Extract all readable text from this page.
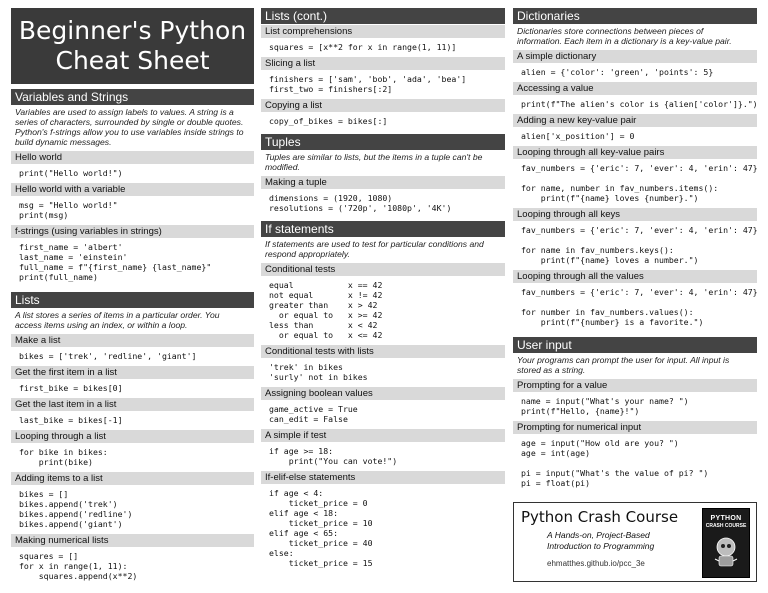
Beginner's Python
Cheat Sheet
Variables and Strings
Variables are used to assign labels to values. A string is a
series of characters, surrounded by single or double quotes.
Python's f-strings allow you to use variables inside strings to
build dynamic messages.
Hello world
print("Hello world!")
Hello world with a variable
msg = "Hello world!"
print(msg)
f-strings (using variables in strings)
first_name = 'albert'
last_name = 'einstein'
full_name = f"{first_name} {last_name}"
print(full_name)
Lists
A list stores a series of items in a particular order. You
access items using an index, or within a loop.
Make a list
bikes = ['trek', 'redline', 'giant']
Get the first item in a list
first_bike = bikes[0]
Get the last item in a list
last_bike = bikes[-1]
Looping through a list
for bike in bikes:
print(bike)
Adding items to a list
bikes = []
bikes.append('trek')
bikes.append('redline')
bikes.append('giant')
Making numerical lists
squares = []
for x in range(1, 11):
squares.append(x**2)
Lists (cont.)
List comprehensions
squares = [x**2 for x in range(1, 11)]
Slicing a list
finishers = ['sam', 'bob', 'ada', 'bea']
first_two = finishers[:2]
Copying a list
copy_of_bikes = bikes[:]
Tuples
Tuples are similar to lists, but the items in a tuple can't be
modified.
Making a tuple
dimensions = (1920, 1080)
resolutions = ('720p', '1080p', '4K')
If statements
If statements are used to test for particular conditions and
respond appropriately.
Conditional tests
equal           x == 42
not equal       x != 42
greater than    x > 42
or equal to   x >= 42
less than       x < 42
or equal to   x <= 42
Conditional tests with lists
'trek' in bikes
'surly' not in bikes
Assigning boolean values
game_active = True
can_edit = False
A simple if test
if age >= 18:
print("You can vote!")
If-elif-else statements
if age < 4:
ticket_price = 0
elif age < 18:
ticket_price = 10
elif age < 65:
ticket_price = 40
else:
ticket_price = 15
Dictionaries
Dictionaries store connections between pieces of
information. Each item in a dictionary is a key-value pair.
A simple dictionary
alien = {'color': 'green', 'points': 5}
Accessing a value
print(f"The alien's color is {alien['color']}.")
Adding a new key-value pair
alien['x_position'] = 0
Looping through all key-value pairs
fav_numbers = {'eric': 7, 'ever': 4, 'erin': 47}

for name, number in fav_numbers.items():
print(f"{name} loves {number}.")
Looping through all keys
fav_numbers = {'eric': 7, 'ever': 4, 'erin': 47}

for name in fav_numbers.keys():
print(f"{name} loves a number.")
Looping through all the values
fav_numbers = {'eric': 7, 'ever': 4, 'erin': 47}

for number in fav_numbers.values():
print(f"{number} is a favorite.")
User input
Your programs can prompt the user for input. All input is
stored as a string.
Prompting for a value
name = input("What's your name? ")
print(f"Hello, {name}!")
Prompting for numerical input
age = input("How old are you? ")
age = int(age)

pi = input("What's the value of pi? ")
pi = float(pi)
Python Crash Course
A Hands-on, Project-Based
Introduction to Programming
ehmatthes.github.io/pcc_3e
PYTHON
CRASH COURSE
